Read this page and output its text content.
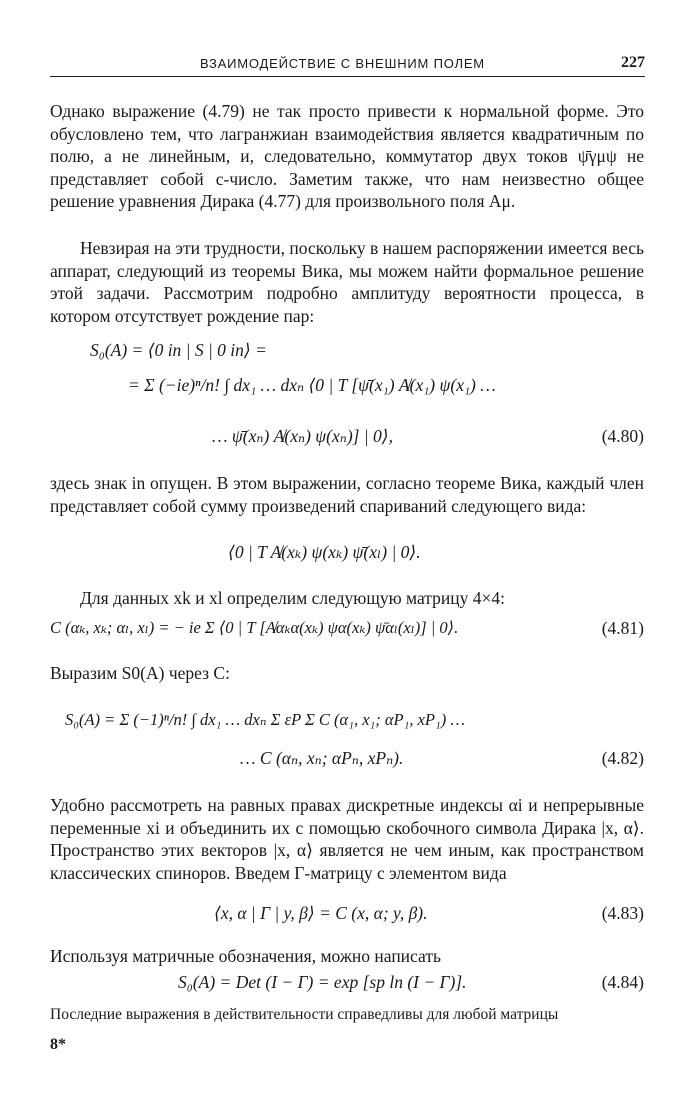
ВЗАИМОДЕЙСТВИЕ С ВНЕШНИМ ПОЛЕМ	227

Однако выражение (4.79) не так просто привести к нормальной форме. Это обусловлено тем, что лагранжиан взаимодействия является квадратичным по полю, а не линейным, и, следовательно, коммутатор двух токов ψ̄γμψ не представляет собой c-число. Заметим также, что нам неизвестно общее решение уравнения Дирака (4.77) для произвольного поля Aμ.

Невзирая на эти трудности, поскольку в нашем распоряжении имеется весь аппарат, следующий из теоремы Вика, мы можем найти формальное решение этой задачи. Рассмотрим подробно амплитуду вероятности процесса, в котором отсутствует рождение пар:

S₀(A) = ⟨0 in | S | 0 in⟩ =
= Σ (−ie)ⁿ/n! ∫ dx₁ … dxₙ ⟨0 | T [ψ̄(x₁) A̸(x₁) ψ(x₁) …
… ψ̄(xₙ) A̸(xₙ) ψ(xₙ)] | 0⟩,	(4.80)

здесь знак in опущен. В этом выражении, согласно теореме Вика, каждый член представляет собой сумму произведений спариваний следующего вида:

⟨0 | T A̸(xₖ) ψ(xₖ) ψ̄(xₗ) | 0⟩.

Для данных xk и xl определим следующую матрицу 4×4:

C (αₖ, xₖ; αₗ, xₗ) = − ie Σ ⟨0 | T [A̸αₖα(xₖ) ψα(xₖ) ψ̄αₗ(xₗ)] | 0⟩.	(4.81)

Выразим S0(A) через C:

S₀(A) = Σ (−1)ⁿ/n! ∫ dx₁ … dxₙ Σ εP Σ C (α₁, x₁; αP₁, xP₁) …
… C (αₙ, xₙ; αPₙ, xPₙ).	(4.82)

Удобно рассмотреть на равных правах дискретные индексы αi и непрерывные переменные xi и объединить их с помощью скобочного символа Дирака |x, α⟩. Пространство этих векторов |x, α⟩ является не чем иным, как пространством классических спиноров. Введем Г-матрицу с элементом вида

⟨x, α | Γ | y, β⟩ = C (x, α; y, β).	(4.83)

Используя матричные обозначения, можно написать

S₀(A) = Det (I − Γ) = exp [sp ln (I − Γ)].	(4.84)
Последние выражения в действительности справедливы для любой матрицы
8*
